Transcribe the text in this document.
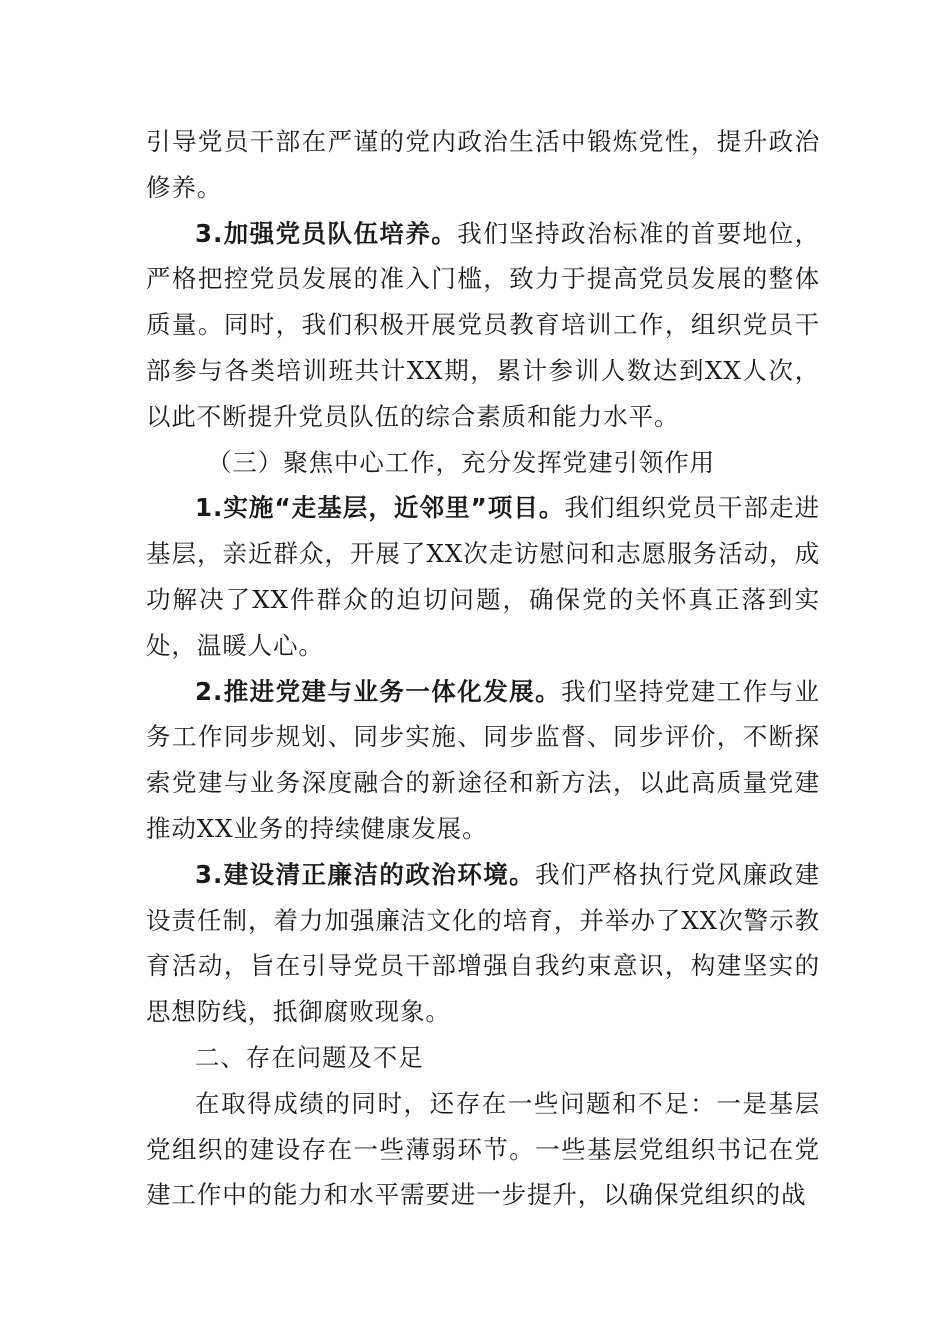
引导党员干部在严谨的党内政治生活中锻炼党性，提升政治修养。

3.加强党员队伍培养。我们坚持政治标准的首要地位，严格把控党员发展的准入门槛，致力于提高党员发展的整体质量。同时，我们积极开展党员教育培训工作，组织党员干部参与各类培训班共计XX期，累计参训人数达到XX人次，以此不断提升党员队伍的综合素质和能力水平。

（三）聚焦中心工作，充分发挥党建引领作用

1.实施“走基层，近邻里”项目。我们组织党员干部走进基层，亲近群众，开展了XX次走访慰问和志愿服务活动，成功解决了XX件群众的迫切问题，确保党的关怀真正落到实处，温暖人心。

2.推进党建与业务一体化发展。我们坚持党建工作与业务工作同步规划、同步实施、同步监督、同步评价，不断探索党建与业务深度融合的新途径和新方法，以此高质量党建推动XX业务的持续健康发展。

3.建设清正廉洁的政治环境。我们严格执行党风廉政建设责任制，着力加强廉洁文化的培育，并举办了XX次警示教育活动，旨在引导党员干部增强自我约束意识，构建坚实的思想防线，抵御腐败现象。

二、存在问题及不足

在取得成绩的同时，还存在一些问题和不足：一是基层党组织的建设存在一些薄弱环节。一些基层党组织书记在党建工作中的能力和水平需要进一步提升，以确保党组织的战
